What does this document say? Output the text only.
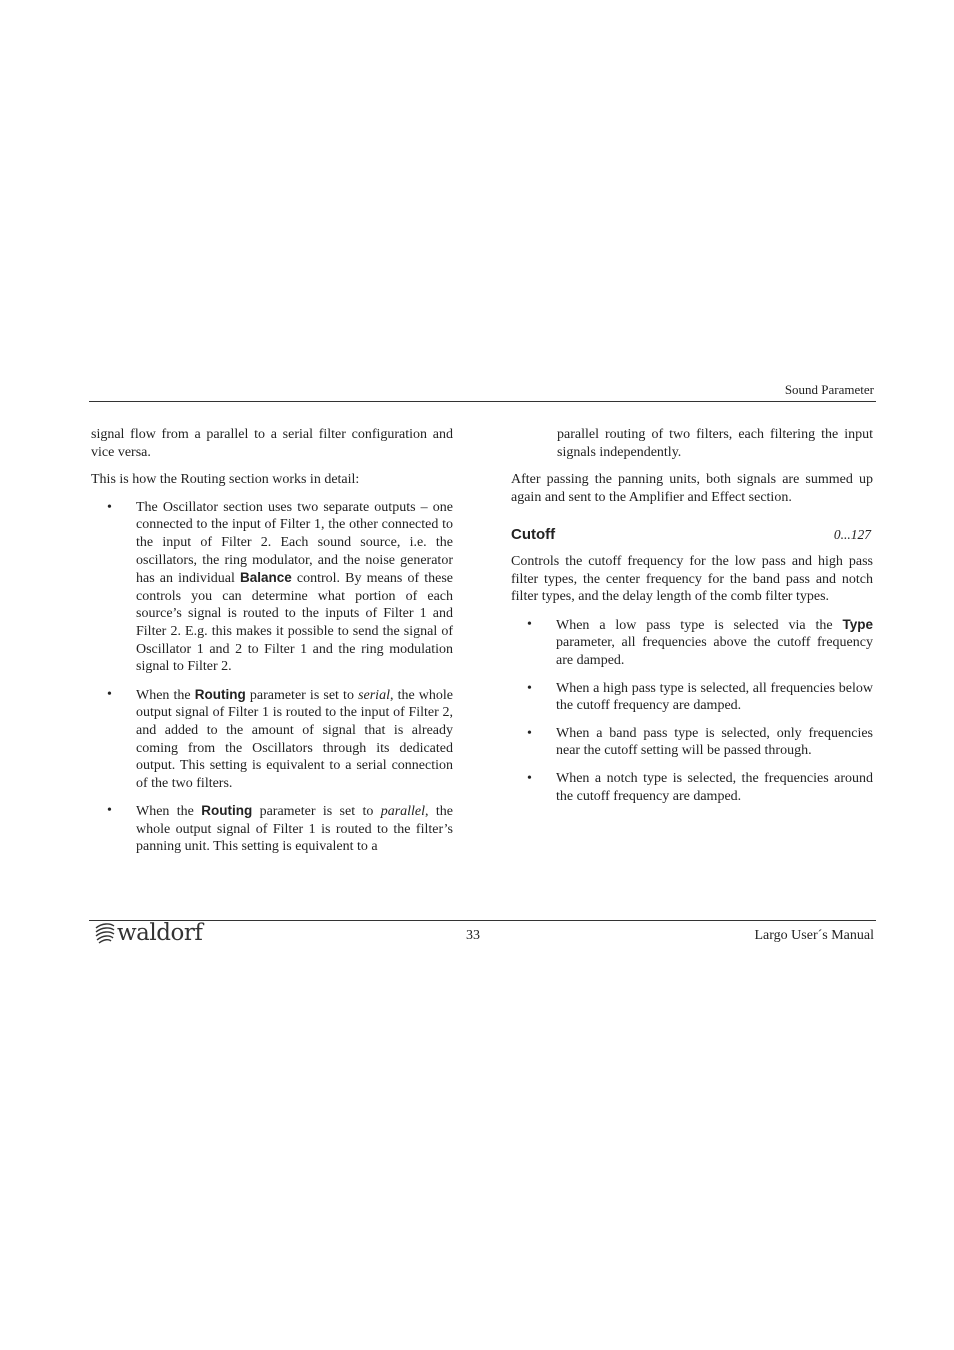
Sound Parameter

signal flow from a parallel to a serial filter configuration and vice versa.

This is how the Routing section works in detail:

• The Oscillator section uses two separate outputs – one connected to the input of Filter 1, the other connected to the input of Filter 2. Each sound source, i.e. the oscillators, the ring modulator, and the noise generator has an individual Balance control. By means of these controls you can determine what portion of each source’s signal is routed to the inputs of Filter 1 and Filter 2. E.g. this makes it possible to send the signal of Oscillator 1 and 2 to Filter 1 and the ring modulation signal to Filter 2.
• When the Routing parameter is set to serial, the whole output signal of Filter 1 is routed to the input of Filter 2, and added to the amount of signal that is already coming from the Oscillators through its dedicated output. This setting is equivalent to a serial connection of the two filters.
• When the Routing parameter is set to parallel, the whole output signal of Filter 1 is routed to the filter’s panning unit. This setting is equivalent to a

parallel routing of two filters, each filtering the input signals independently.

After passing the panning units, both signals are summed up again and sent to the Amplifier and Effect section.

Cutoff	0...127

Controls the cutoff frequency for the low pass and high pass filter types, the center frequency for the band pass and notch filter types, and the delay length of the comb filter types.

• When a low pass type is selected via the Type parameter, all frequencies above the cutoff frequency are damped.
• When a high pass type is selected, all frequencies below the cutoff frequency are damped.
• When a band pass type is selected, only frequencies near the cutoff setting will be passed through.
• When a notch type is selected, the frequencies around the cutoff frequency are damped.
waldorf	33	Largo User´s Manual
